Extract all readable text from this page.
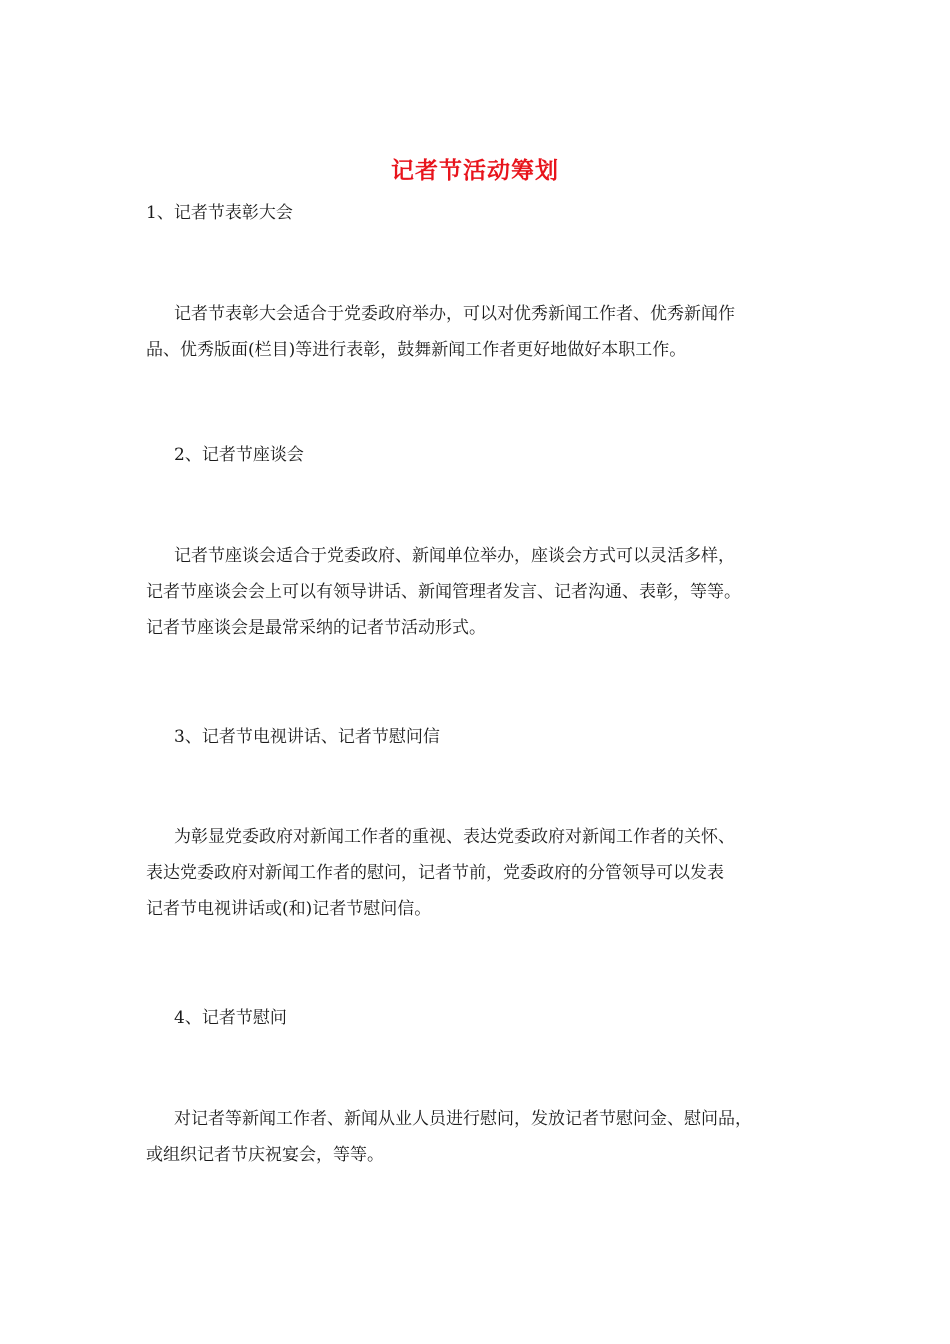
记者节活动筹划
1、记者节表彰大会
记者节表彰大会适合于党委政府举办，可以对优秀新闻工作者、优秀新闻作
品、优秀版面(栏目)等进行表彰，鼓舞新闻工作者更好地做好本职工作。
2、记者节座谈会
记者节座谈会适合于党委政府、新闻单位举办，座谈会方式可以灵活多样，
记者节座谈会会上可以有领导讲话、新闻管理者发言、记者沟通、表彰，等等。
记者节座谈会是最常采纳的记者节活动形式。
3、记者节电视讲话、记者节慰问信
为彰显党委政府对新闻工作者的重视、表达党委政府对新闻工作者的关怀、
表达党委政府对新闻工作者的慰问，记者节前，党委政府的分管领导可以发表
记者节电视讲话或(和)记者节慰问信。
4、记者节慰问
对记者等新闻工作者、新闻从业人员进行慰问，发放记者节慰问金、慰问品，
或组织记者节庆祝宴会，等等。
